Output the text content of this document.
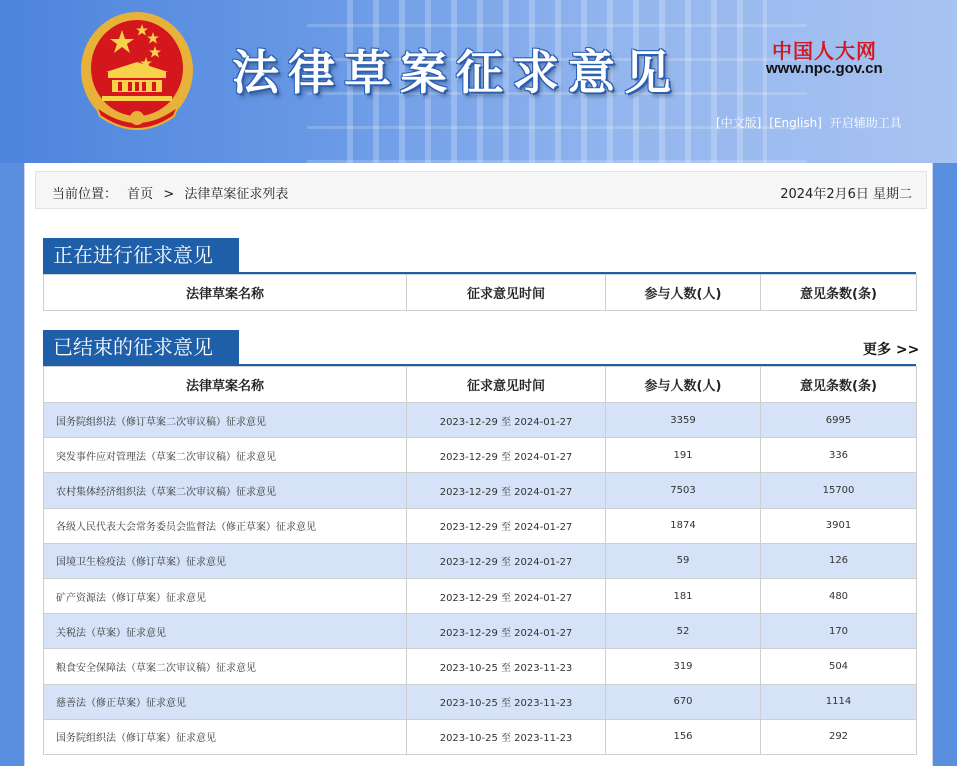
法律草案征求意见	中国人大网
www.npc.gov.cn
[中文版] [English] 开启辅助工具
当前位置： 首页 > 法律草案征求列表	2024年2月6日 星期二
正在进行征求意见
法律草案名称	征求意见时间	参与人数(人)	意见条数(条)
已结束的征求意见	更多 >>
法律草案名称	征求意见时间	参与人数(人)	意见条数(条)
国务院组织法（修订草案二次审议稿）征求意见	2023-12-29 至 2024-01-27	3359	6995
突发事件应对管理法（草案二次审议稿）征求意见	2023-12-29 至 2024-01-27	191	336
农村集体经济组织法（草案二次审议稿）征求意见	2023-12-29 至 2024-01-27	7503	15700
各级人民代表大会常务委员会监督法（修正草案）征求意见	2023-12-29 至 2024-01-27	1874	3901
国境卫生检疫法（修订草案）征求意见	2023-12-29 至 2024-01-27	59	126
矿产资源法（修订草案）征求意见	2023-12-29 至 2024-01-27	181	480
关税法（草案）征求意见	2023-12-29 至 2024-01-27	52	170
粮食安全保障法（草案二次审议稿）征求意见	2023-10-25 至 2023-11-23	319	504
慈善法（修正草案）征求意见	2023-10-25 至 2023-11-23	670	1114
国务院组织法（修订草案）征求意见	2023-10-25 至 2023-11-23	156	292
